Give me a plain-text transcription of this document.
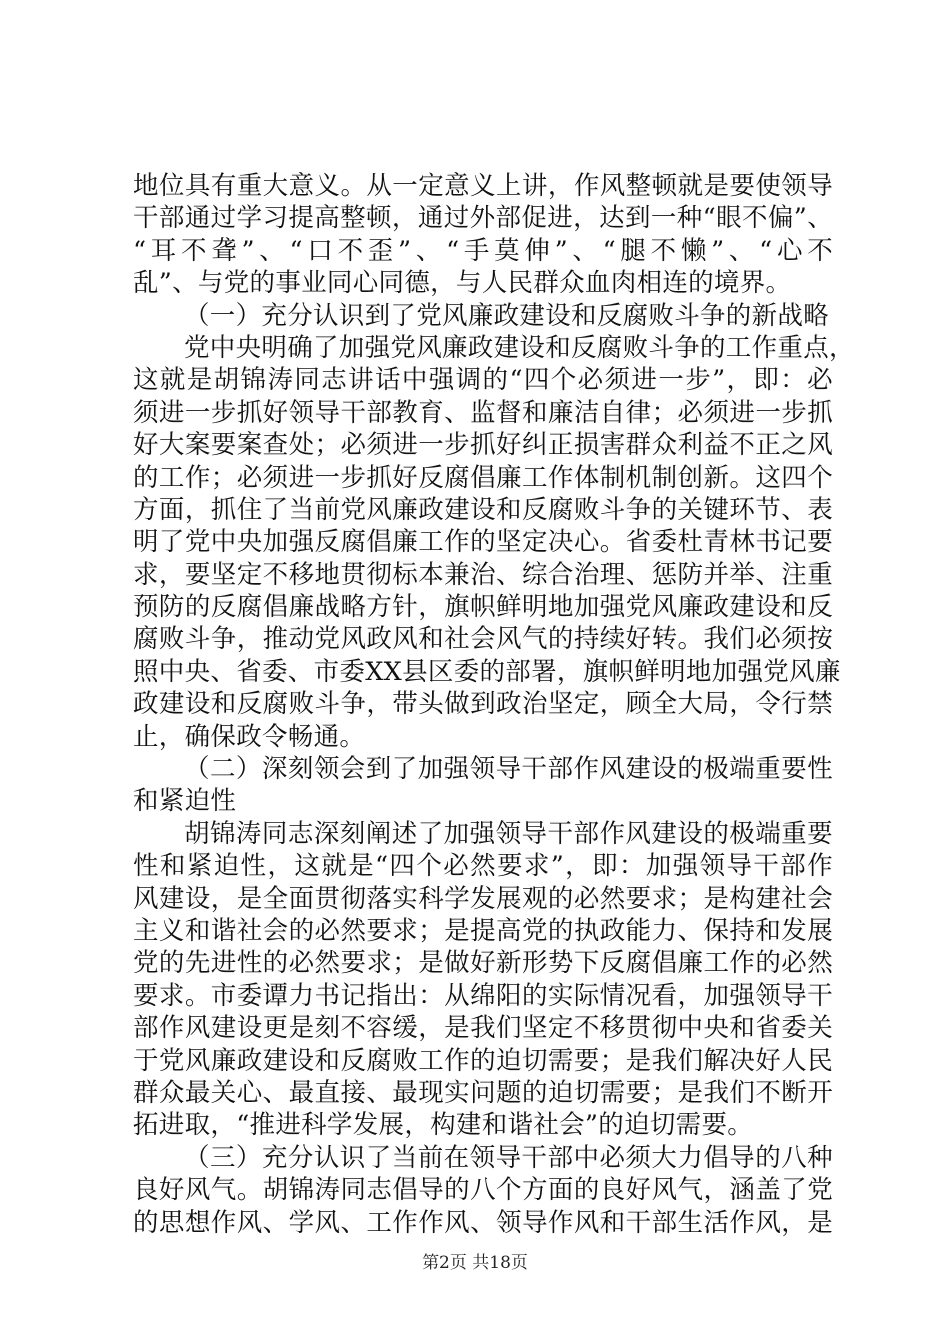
地位具有重大意义。从一定意义上讲，作风整顿就是要使领导
干部通过学习提高整顿，通过外部促进，达到一种“眼不偏”、
“耳不聋”、“口不歪”、“手莫伸”、“腿不懒”、“心不
乱”、与党的事业同心同德，与人民群众血肉相连的境界。
（一）充分认识到了党风廉政建设和反腐败斗争的新战略
党中央明确了加强党风廉政建设和反腐败斗争的工作重点，
这就是胡锦涛同志讲话中强调的“四个必须进一步”，即：必
须进一步抓好领导干部教育、监督和廉洁自律；必须进一步抓
好大案要案查处；必须进一步抓好纠正损害群众利益不正之风
的工作；必须进一步抓好反腐倡廉工作体制机制创新。这四个
方面，抓住了当前党风廉政建设和反腐败斗争的关键环节、表
明了党中央加强反腐倡廉工作的坚定决心。省委杜青林书记要
求，要坚定不移地贯彻标本兼治、综合治理、惩防并举、注重
预防的反腐倡廉战略方针，旗帜鲜明地加强党风廉政建设和反
腐败斗争，推动党风政风和社会风气的持续好转。我们必须按
照中央、省委、市委XX县区委的部署，旗帜鲜明地加强党风廉
政建设和反腐败斗争，带头做到政治坚定，顾全大局，令行禁
止，确保政令畅通。
（二）深刻领会到了加强领导干部作风建设的极端重要性
和紧迫性
胡锦涛同志深刻阐述了加强领导干部作风建设的极端重要
性和紧迫性，这就是“四个必然要求”，即：加强领导干部作
风建设，是全面贯彻落实科学发展观的必然要求；是构建社会
主义和谐社会的必然要求；是提高党的执政能力、保持和发展
党的先进性的必然要求；是做好新形势下反腐倡廉工作的必然
要求。市委谭力书记指出：从绵阳的实际情况看，加强领导干
部作风建设更是刻不容缓，是我们坚定不移贯彻中央和省委关
于党风廉政建设和反腐败工作的迫切需要；是我们解决好人民
群众最关心、最直接、最现实问题的迫切需要；是我们不断开
拓进取，“推进科学发展，构建和谐社会”的迫切需要。
（三）充分认识了当前在领导干部中必须大力倡导的八种
良好风气。胡锦涛同志倡导的八个方面的良好风气，涵盖了党
的思想作风、学风、工作作风、领导作风和干部生活作风，是
第2页 共18页
